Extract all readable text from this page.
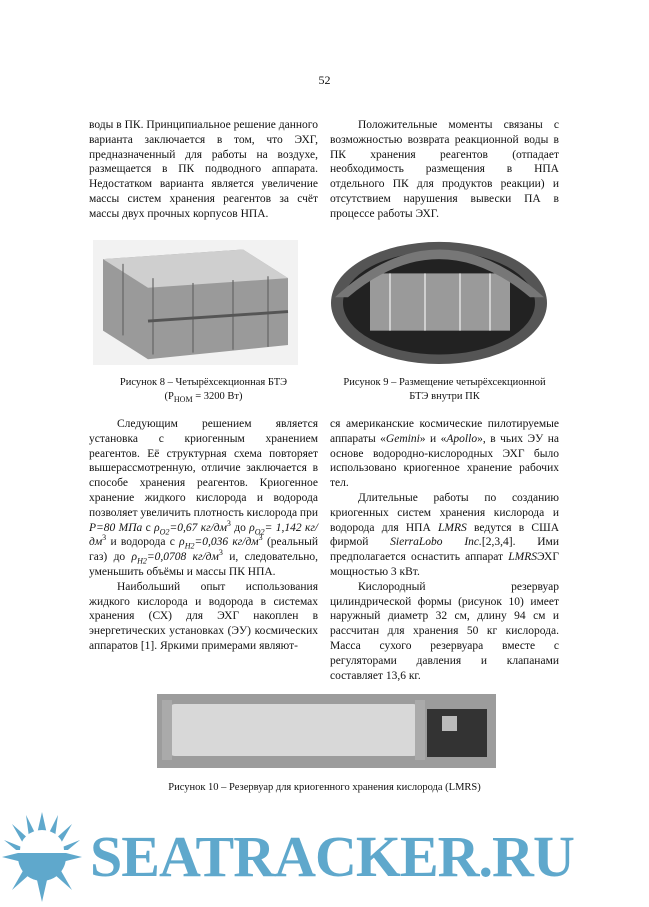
52

воды в ПК. Принципиальное решение данного варианта заключается в том, что ЭХГ, предназначенный для работы на воздухе, размещается в ПК подводного аппарата. Недостатком варианта является увеличение массы систем хранения реагентов за счёт массы двух прочных корпусов НПА.

Положительные моменты связаны с возможностью возврата реакционной воды в ПК хранения реагентов (отпадает необходимость размещения в НПА отдельного ПК для продуктов реакции) и отсутствием нарушения вывески ПА в процессе работы ЭХГ.

Рисунок 8 – Четырёхсекционная БТЭ
($P_{НОМ} = 3200$ Вт)
Рисунок 9 – Размещение четырёхсекционной
БТЭ внутри ПК

Следующим решением является установка с криогенным хранением реагентов. Её структурная схема повторяет вышерассмотренную, отличие заключается в способе хранения реагентов. Криогенное хранение жидкого кислорода и водорода позволяет увеличить плотность кислорода при P=80 МПа с $\rho_{O2}=0,67$ $кг/дм^3$ до $\rho_{O2}= 1,142$ $кг/дм^3$ и водорода с $\rho_{H2}=0,036$ $кг/дм^3$ (реальный газ) до $\rho_{H2}=0,0708$ $кг/дм^3$ и, следовательно, уменьшить объёмы и массы ПК НПА.

Наибольший опыт использования жидкого кислорода и водорода в системах хранения (СХ) для ЭХГ накоплен в энергетических установках (ЭУ) космических аппаратов [1]. Яркими примерами являют-

ся американские космические пилотируемые аппараты «Gemini» и «Apollo», в чьих ЭУ на основе водородно-кислородных ЭХГ было использовано криогенное хранение рабочих тел.

Длительные работы по созданию криогенных систем хранения кислорода и водорода для НПА LMRS ведутся в США фирмой SierraLobo Inc.[2,3,4]. Ими предполагается оснастить аппарат LMRSЭХГ мощностью 3 кВт.

Кислородный резервуар цилиндрической формы (рисунок 10) имеет наружный диаметр 32 см, длину 94 см и рассчитан для хранения 50 кг кислорода. Масса сухого резервуара вместе с регуляторами давления и клапанами составляет 13,6 кг.

Рисунок 10 – Резервуар для криогенного хранения кислорода (LMRS)
SEATRACKER.RU
